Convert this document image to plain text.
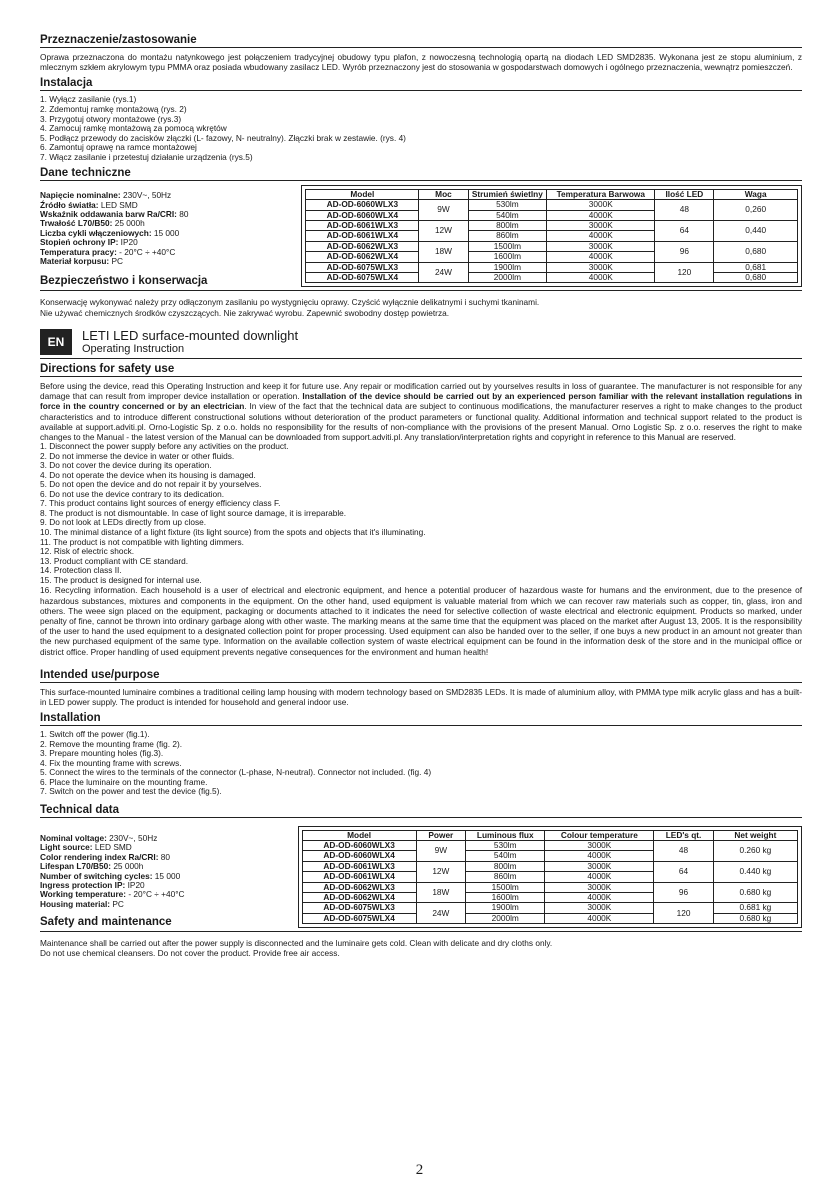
Przeznaczenie/zastosowanie
Oprawa przeznaczona do montażu natynkowego jest połączeniem tradycyjnej obudowy typu plafon, z nowoczesną technologią opartą na diodach LED SMD2835. Wykonana jest ze stopu aluminium, z mlecznym szkłem akrylowym typu PMMA oraz posiada wbudowany zasilacz LED. Wyrób przeznaczony jest do stosowania w gospodarstwach domowych i ogólnego przeznaczenia, wewnątrz pomieszczeń.
Instalacja
1. Wyłącz zasilanie (rys.1)
2. Zdemontuj ramkę montażową (rys. 2)
3. Przygotuj otwory montażowe (rys.3)
4. Zamocuj ramkę montażową za pomocą wkrętów
5. Podłącz przewody do zacisków złączki (L- fazowy, N- neutralny). Złączki brak w zestawie. (rys. 4)
6. Zamontuj oprawę na ramce montażowej
7. Włącz zasilanie i przetestuj działanie urządzenia (rys.5)
Dane techniczne
Napięcie nominalne: 230V~, 50Hz
Źródło światła: LED SMD
Wskaźnik oddawania barw Ra/CRI: 80
Trwałość L70/B50: 25 000h
Liczba cykli włączeniowych: 15 000
Stopień ochrony IP: IP20
Temperatura pracy: - 20°C ÷ +40°C
Materiał korpusu: PC
Bezpieczeństwo i konserwacja
Model	Moc	Strumień świetlny	Temperatura Barwowa	Ilość LED	Waga
AD-OD-6060WLX3	9W	530lm	3000K	48	0,260
AD-OD-6060WLX4		540lm	4000K		
AD-OD-6061WLX3	12W	800lm	3000K	64	0,440
AD-OD-6061WLX4		860lm	4000K		
AD-OD-6062WLX3	18W	1500lm	3000K	96	0,680
AD-OD-6062WLX4		1600lm	4000K		
AD-OD-6075WLX3	24W	1900lm	3000K	120	0,681
AD-OD-6075WLX4		2000lm	4000K		0,680
Konserwację wykonywać należy przy odłączonym zasilaniu po wystygnięciu oprawy. Czyścić wyłącznie delikatnymi i suchymi tkaninami.
Nie używać chemicznych środków czyszczących. Nie zakrywać wyrobu. Zapewnić swobodny dostęp powietrza.
EN	LETI LED surface-mounted downlight
Operating Instruction
Directions for safety use
Before using the device, read this Operating Instruction and keep it for future use. Any repair or modification carried out by yourselves results in loss of guarantee. The manufacturer is not responsible for any damage that can result from improper device installation or operation. Installation of the device should be carried out by an experienced person familiar with the relevant installation regulations in force in the country concerned or by an electrician. In view of the fact that the technical data are subject to continuous modifications, the manufacturer reserves a right to make changes to the product characteristics and to introduce different constructional solutions without deterioration of the product parameters or functional quality. Additional information and technical support related to the product is available at support.adviti.pl. Orno-Logistic Sp. z o.o. holds no responsibility for the results of non-compliance with the provisions of the present Manual. Orno Logistic Sp. z o.o. reserves the right to make changes to the Manual - the latest version of the Manual can be downloaded from support.adviti.pl. Any translation/interpretation rights and copyright in reference to this Manual are reserved.
1. Disconnect the power supply before any activities on the product.
2. Do not immerse the device in water or other fluids.
3. Do not cover the device during its operation.
4. Do not operate the device when its housing is damaged.
5. Do not open the device and do not repair it by yourselves.
6. Do not use the device contrary to its dedication.
7. This product contains light sources of energy efficiency class F.
8. The product is not dismountable. In case of light source damage, it is irreparable.
9. Do not look at LEDs directly from up close.
10. The minimal distance of a light fixture (its light source) from the spots and objects that it's illuminating.
11. The product is not compatible with lighting dimmers.
12. Risk of electric shock.
13. Product compliant with CE standard.
14. Protection class II.
15. The product is designed for internal use.
16. Recycling information. Each household is a user of electrical and electronic equipment, and hence a potential producer of hazardous waste for humans and the environment, due to the presence of hazardous substances, mixtures and components in the equipment. On the other hand, used equipment is valuable material from which we can recover raw materials such as copper, tin, glass, iron and others. The weee sign placed on the equipment, packaging or documents attached to it indicates the need for selective collection of waste electrical and electronic equipment. Products so marked, under penalty of fine, cannot be thrown into ordinary garbage along with other waste. The marking means at the same time that the equipment was placed on the market after August 13, 2005. It is the responsibility of the user to hand the used equipment to a designated collection point for proper processing. Used equipment can also be handed over to the seller, if one buys a new product in an amount not greater than the new purchased equipment of the same type. Information on the available collection system of waste electrical equipment can be found in the information desk of the store and in the municipal office or district office. Proper handling of used equipment prevents negative consequences for the environment and human health!
Intended use/purpose
This surface-mounted luminaire combines a traditional ceiling lamp housing with modern technology based on SMD2835 LEDs. It is made of aluminium alloy, with PMMA type milk acrylic glass and has a built-in LED power supply. The product is intended for household and general indoor use.
Installation
1. Switch off the power (fig.1).
2. Remove the mounting frame (fig. 2).
3. Prepare mounting holes (fig.3).
4. Fix the mounting frame with screws.
5. Connect the wires to the terminals of the connector (L-phase, N-neutral). Connector not included. (fig. 4)
6. Place the luminaire on the mounting frame.
7. Switch on the power and test the device (fig.5).
Technical data
Nominal voltage: 230V~, 50Hz
Light source: LED SMD
Color rendering index Ra/CRI: 80
Lifespan L70/B50: 25 000h
Number of switching cycles: 15 000
Ingress protection IP: IP20
Working temperature: - 20°C ÷ +40°C
Housing material: PC
Safety and maintenance
Model	Power	Luminous flux	Colour temperature	LED's qt.	Net weight
AD-OD-6060WLX3	9W	530lm	3000K	48	0.260 kg
AD-OD-6060WLX4		540lm	4000K		
AD-OD-6061WLX3	12W	800lm	3000K	64	0.440 kg
AD-OD-6061WLX4		860lm	4000K		
AD-OD-6062WLX3	18W	1500lm	3000K	96	0.680 kg
AD-OD-6062WLX4		1600lm	4000K		
AD-OD-6075WLX3	24W	1900lm	3000K	120	0.681 kg
AD-OD-6075WLX4		2000lm	4000K		0.680 kg
Maintenance shall be carried out after the power supply is disconnected and the luminaire gets cold. Clean with delicate and dry cloths only.
Do not use chemical cleansers. Do not cover the product. Provide free air access.
2
